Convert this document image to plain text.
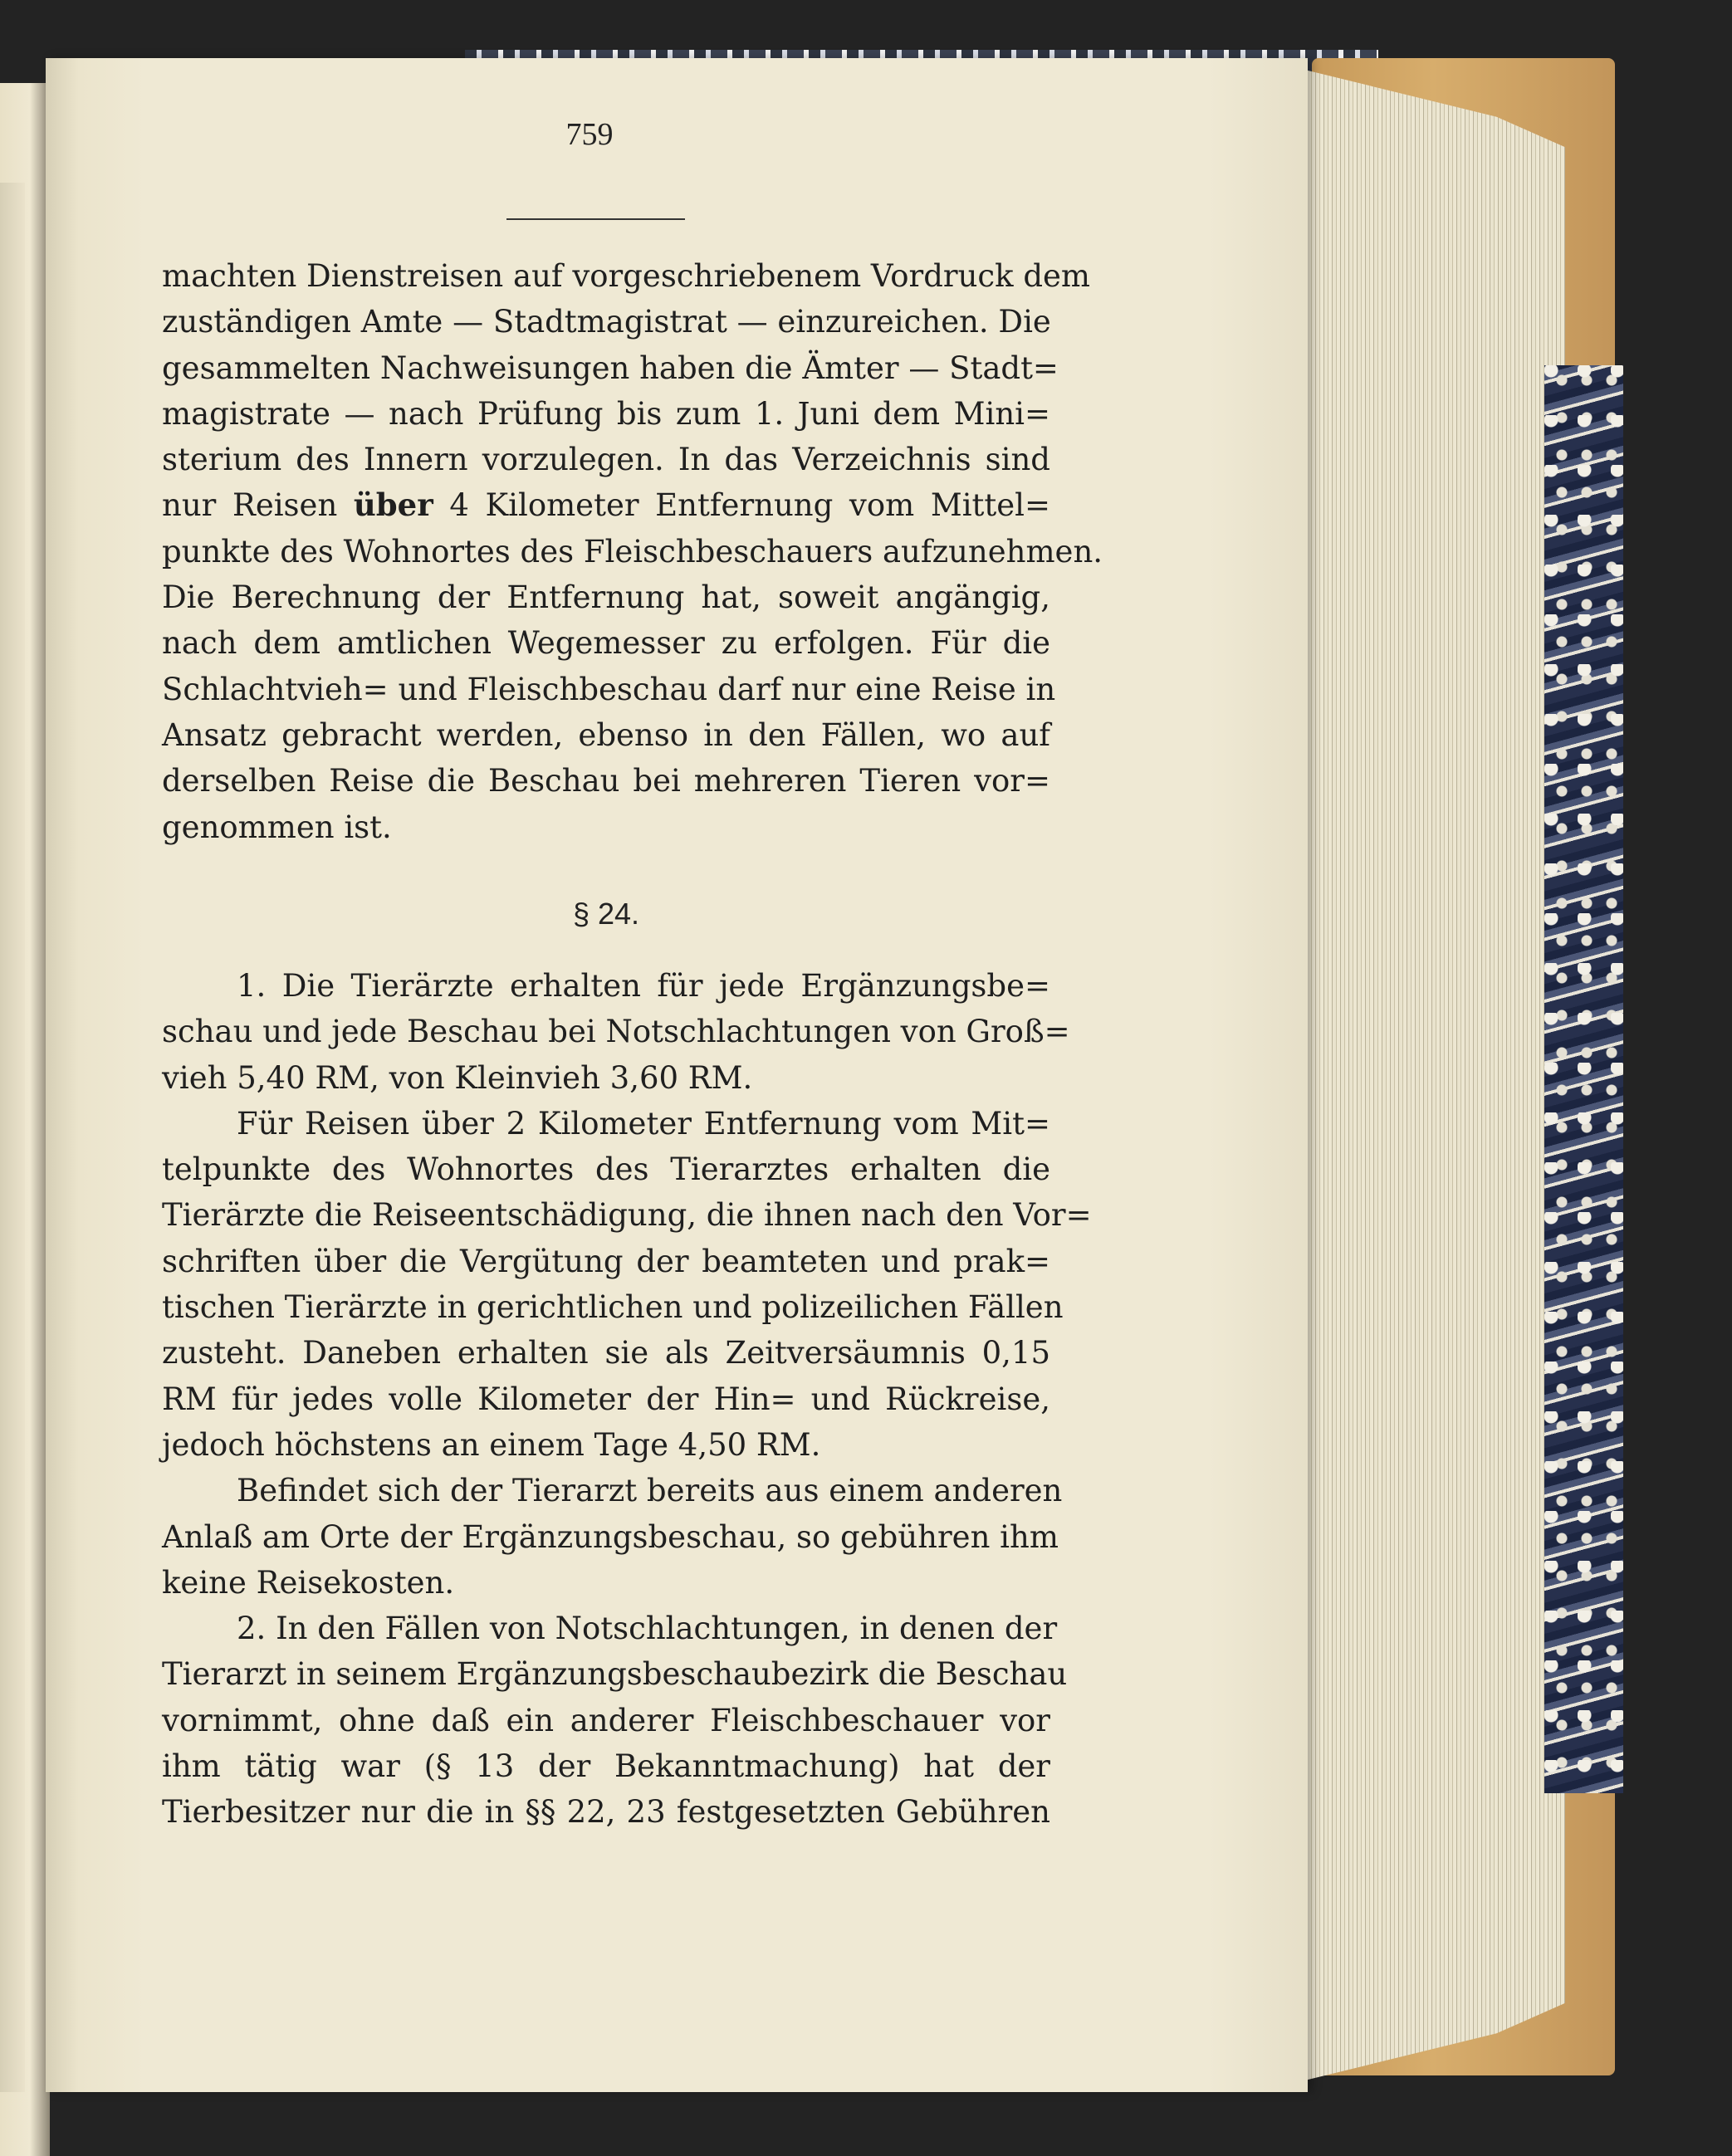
759
machten Dienstreisen auf vorgeschriebenem Vordruck dem
zuständigen Amte — Stadtmagistrat — einzureichen. Die
gesammelten Nachweisungen haben die Ämter — Stadt=
magistrate — nach Prüfung bis zum 1. Juni dem Mini=
sterium des Innern vorzulegen. In das Verzeichnis sind
nur Reisen über 4 Kilometer Entfernung vom Mittel=
punkte des Wohnortes des Fleischbeschauers aufzunehmen.
Die Berechnung der Entfernung hat, soweit angängig,
nach dem amtlichen Wegemesser zu erfolgen. Für die
Schlachtvieh= und Fleischbeschau darf nur eine Reise in
Ansatz gebracht werden, ebenso in den Fällen, wo auf
derselben Reise die Beschau bei mehreren Tieren vor=
genommen ist.
§ 24.
1. Die Tierärzte erhalten für jede Ergänzungsbe=
schau und jede Beschau bei Notschlachtungen von Groß=
vieh 5,40 RM, von Kleinvieh 3,60 RM.
Für Reisen über 2 Kilometer Entfernung vom Mit=
telpunkte des Wohnortes des Tierarztes erhalten die
Tierärzte die Reiseentschädigung, die ihnen nach den Vor=
schriften über die Vergütung der beamteten und prak=
tischen Tierärzte in gerichtlichen und polizeilichen Fällen
zusteht. Daneben erhalten sie als Zeitversäumnis 0,15
RM für jedes volle Kilometer der Hin= und Rückreise,
jedoch höchstens an einem Tage 4,50 RM.
Befindet sich der Tierarzt bereits aus einem anderen
Anlaß am Orte der Ergänzungsbeschau, so gebühren ihm
keine Reisekosten.
2. In den Fällen von Notschlachtungen, in denen der
Tierarzt in seinem Ergänzungsbeschaubezirk die Beschau
vornimmt, ohne daß ein anderer Fleischbeschauer vor
ihm tätig war (§ 13 der Bekanntmachung) hat der
Tierbesitzer nur die in §§ 22, 23 festgesetzten Gebühren
